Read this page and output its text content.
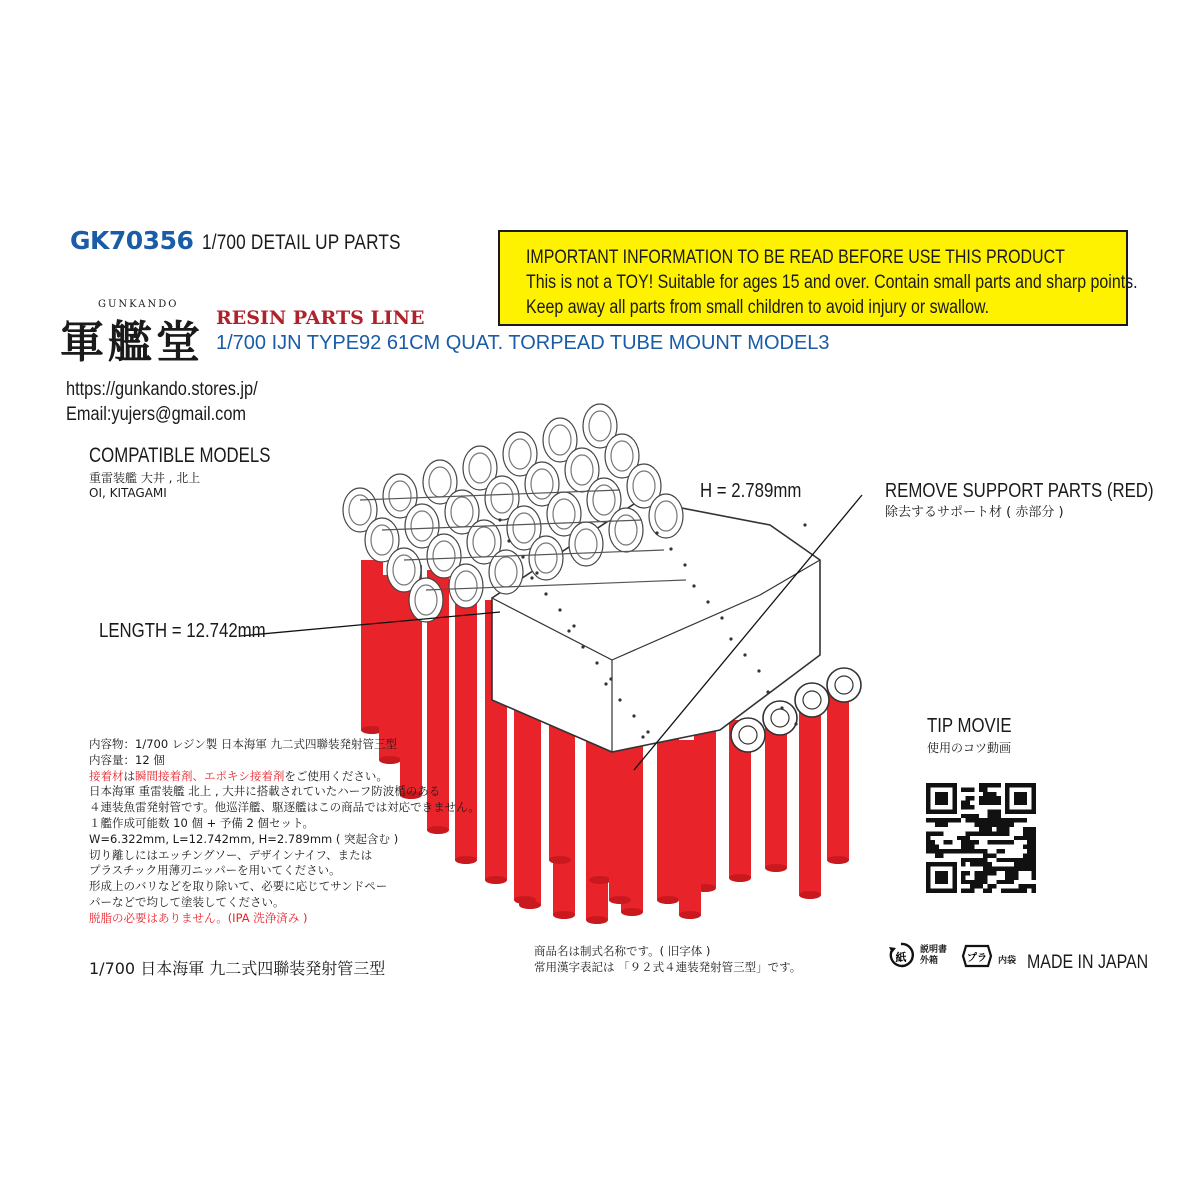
GK70356 1/700 DETAIL UP PARTS
IMPORTANT INFORMATION TO BE READ BEFORE USE THIS PRODUCT
This is not a TOY! Suitable for ages 15 and over. Contain small parts and sharp points.
Keep away all parts from small children to avoid injury or swallow.
GUNKANDO
軍艦堂 RESIN PARTS LINE
1/700 IJN TYPE92 61CM QUAT. TORPEAD TUBE MOUNT MODEL3
https://gunkando.stores.jp/
Email:yujers@gmail.com
COMPATIBLE MODELS
重雷装艦 大井 , 北上
OI, KITAGAMI	H = 2.789mm
LENGTH = 12.742mm
REMOVE SUPPORT PARTS (RED)
除去するサポート材 ( 赤部分 )
内容物：1/700 レジン製 日本海軍 九二式四聯装発射管三型
内容量：12 個
接着材は瞬間接着剤、エポキシ接着剤をご使用ください。
日本海軍 重雷装艦 北上 , 大井に搭載されていたハーフ防波楯のある
４連装魚雷発射管です。他巡洋艦、駆逐艦はこの商品では対応できません。
１艦作成可能数 10 個 + 予備 2 個セット。
W=6.322mm, L=12.742mm, H=2.789mm ( 突起含む )
切り離しにはエッチングソー、デザインナイフ、または
プラスチック用薄刃ニッパーを用いてください。
形成上のバリなどを取り除いて、必要に応じてサンドペー
パーなどで均して塗装してください。
脱脂の必要はありません。(IPA 洗浄済み )
1/700 日本海軍 九二式四聯装発射管三型
商品名は制式名称です。( 旧字体 )
常用漢字表記は 「９２式４連装発射管三型」です。
TIP MOVIE
使用のコツ動画
紙
説明書
外箱	プラ 内袋 MADE IN JAPAN
